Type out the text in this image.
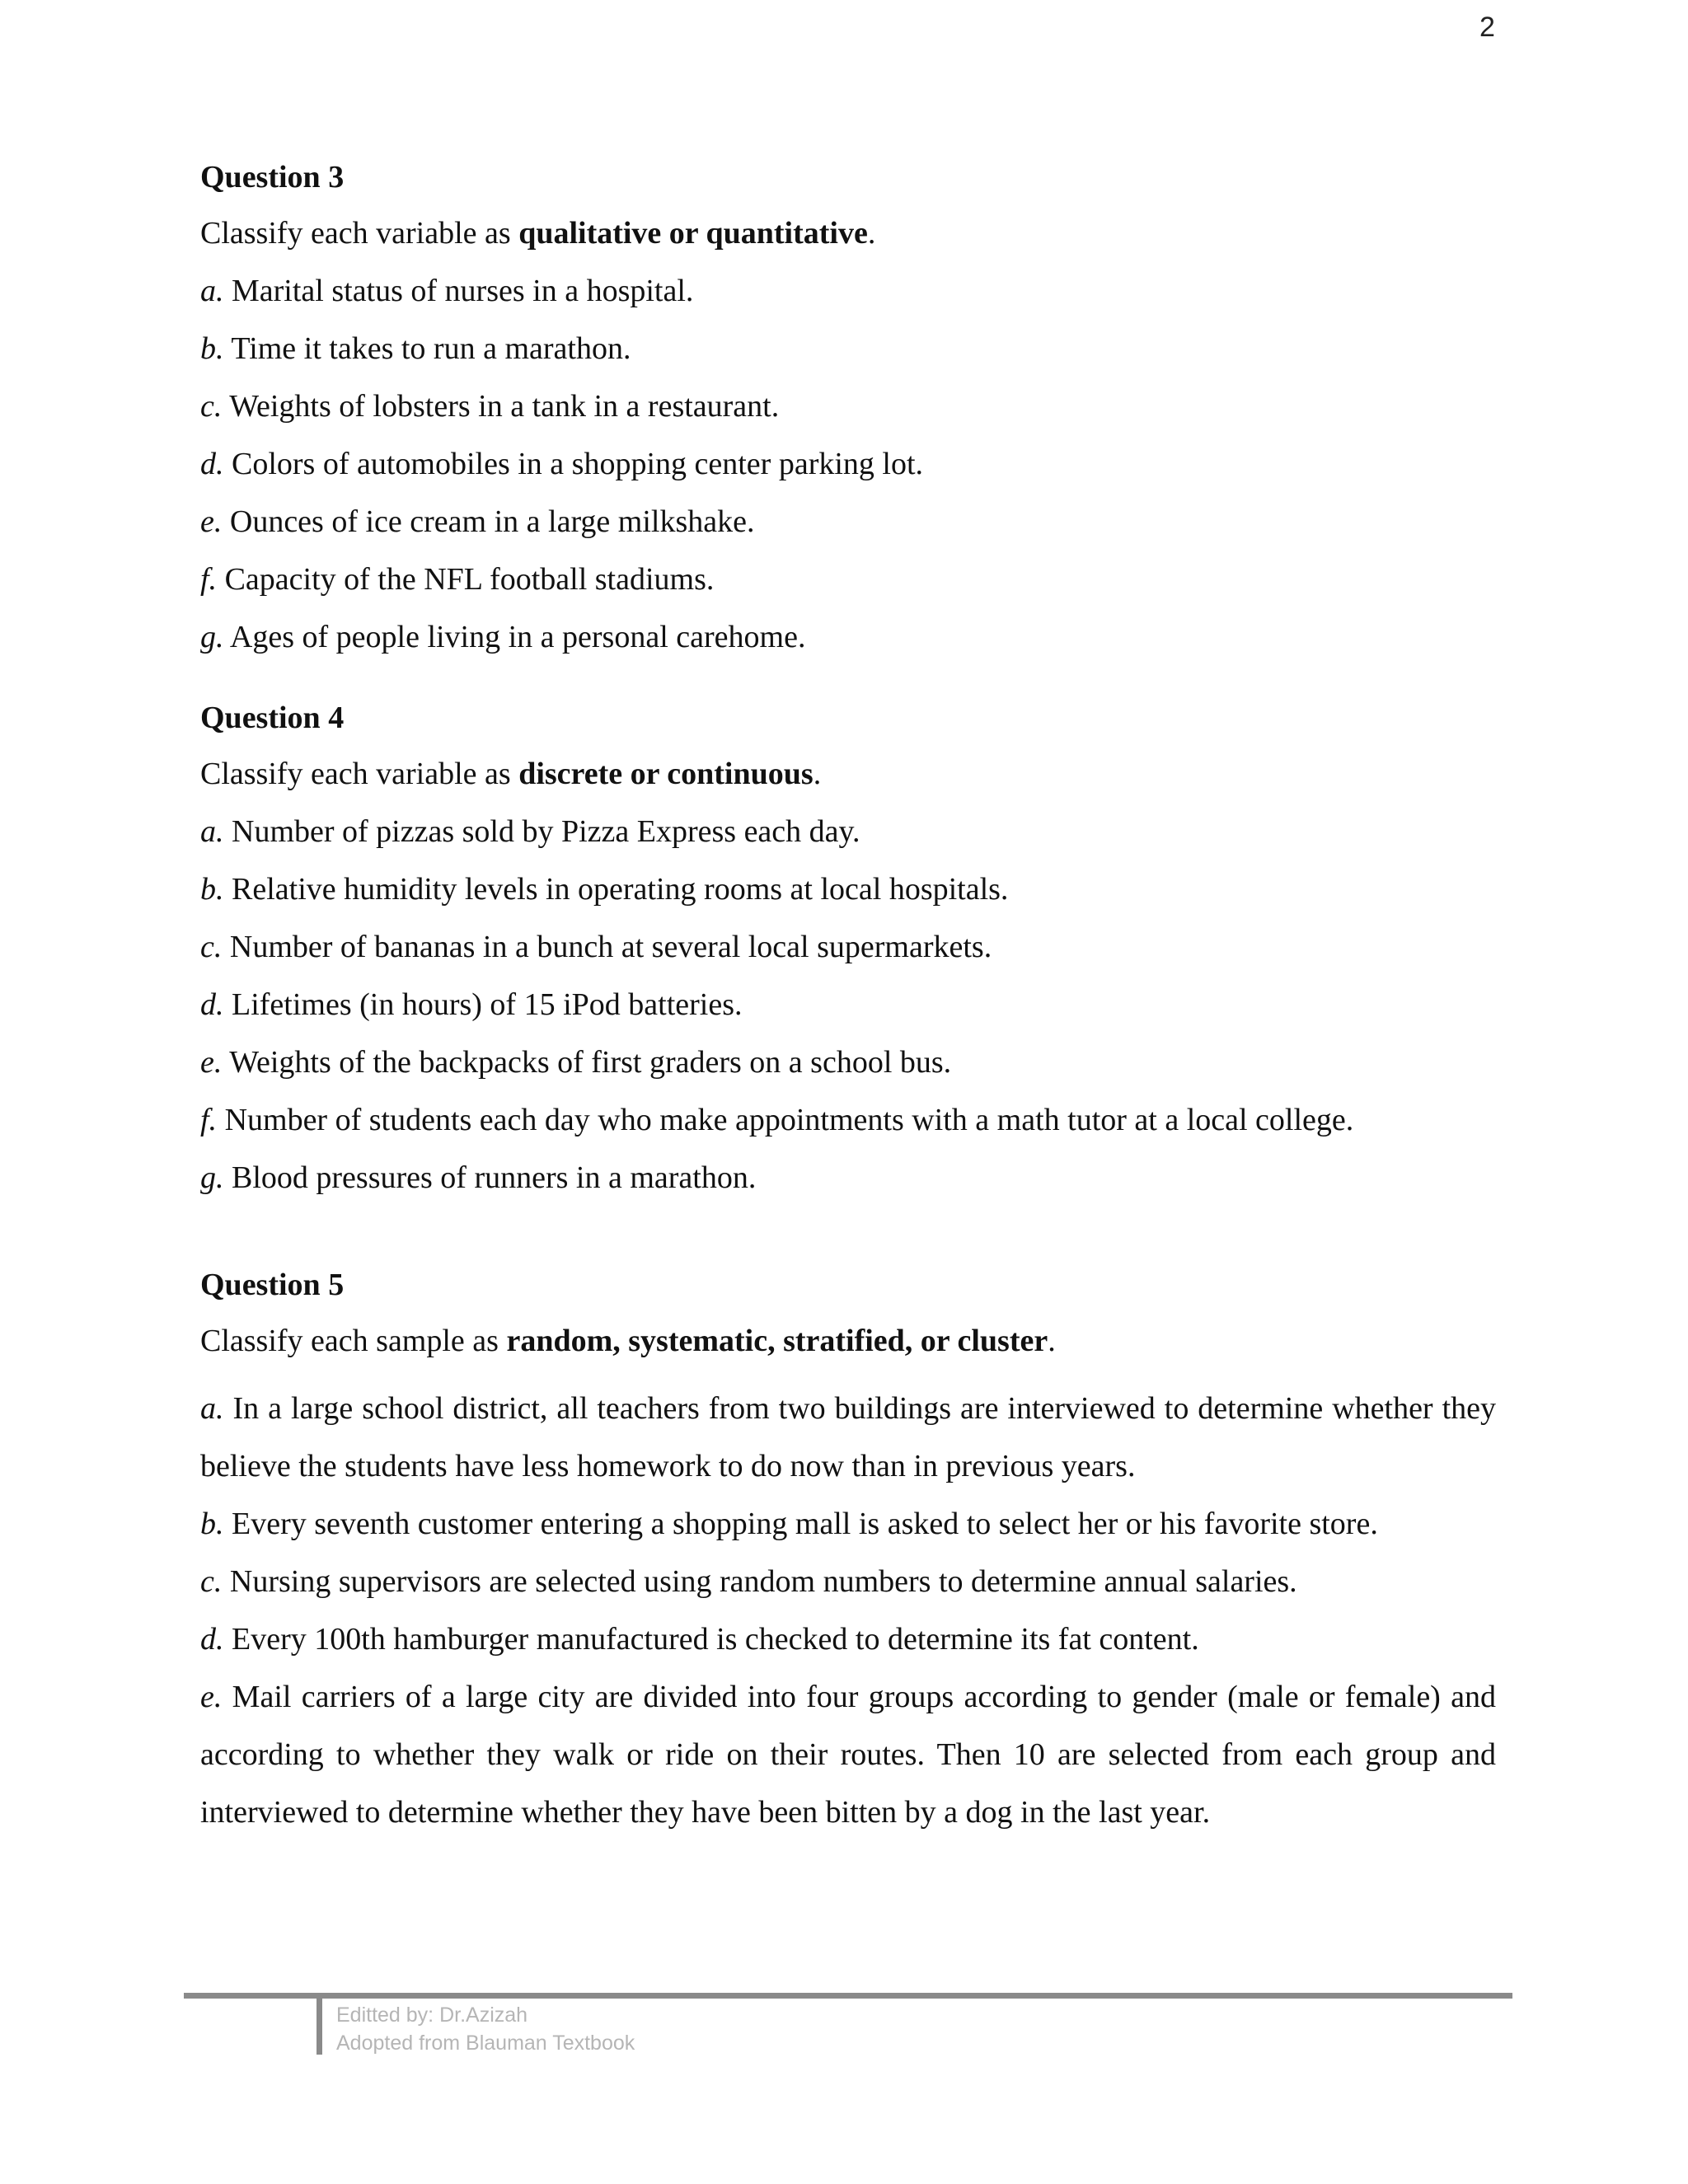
2
Question 3
Classify each variable as qualitative or quantitative.
a. Marital status of nurses in a hospital.
b. Time it takes to run a marathon.
c. Weights of lobsters in a tank in a restaurant.
d. Colors of automobiles in a shopping center parking lot.
e. Ounces of ice cream in a large milkshake.
f. Capacity of the NFL football stadiums.
g. Ages of people living in a personal carehome.
Question 4
Classify each variable as discrete or continuous.
a. Number of pizzas sold by Pizza Express each day.
b. Relative humidity levels in operating rooms at local hospitals.
c. Number of bananas in a bunch at several local supermarkets.
d. Lifetimes (in hours) of 15 iPod batteries.
e. Weights of the backpacks of first graders on a school bus.
f. Number of students each day who make appointments with a math tutor at a local college.
g. Blood pressures of runners in a marathon.
Question 5
Classify each sample as random, systematic, stratified, or cluster.
a. In a large school district, all teachers from two buildings are interviewed to determine whether they believe the students have less homework to do now than in previous years.
b. Every seventh customer entering a shopping mall is asked to select her or his favorite store.
c. Nursing supervisors are selected using random numbers to determine annual salaries.
d. Every 100th hamburger manufactured is checked to determine its fat content.
e. Mail carriers of a large city are divided into four groups according to gender (male or female) and according to whether they walk or ride on their routes. Then 10 are selected from each group and interviewed to determine whether they have been bitten by a dog in the last year.
Editted by: Dr.Azizah
Adopted from Blauman Textbook
